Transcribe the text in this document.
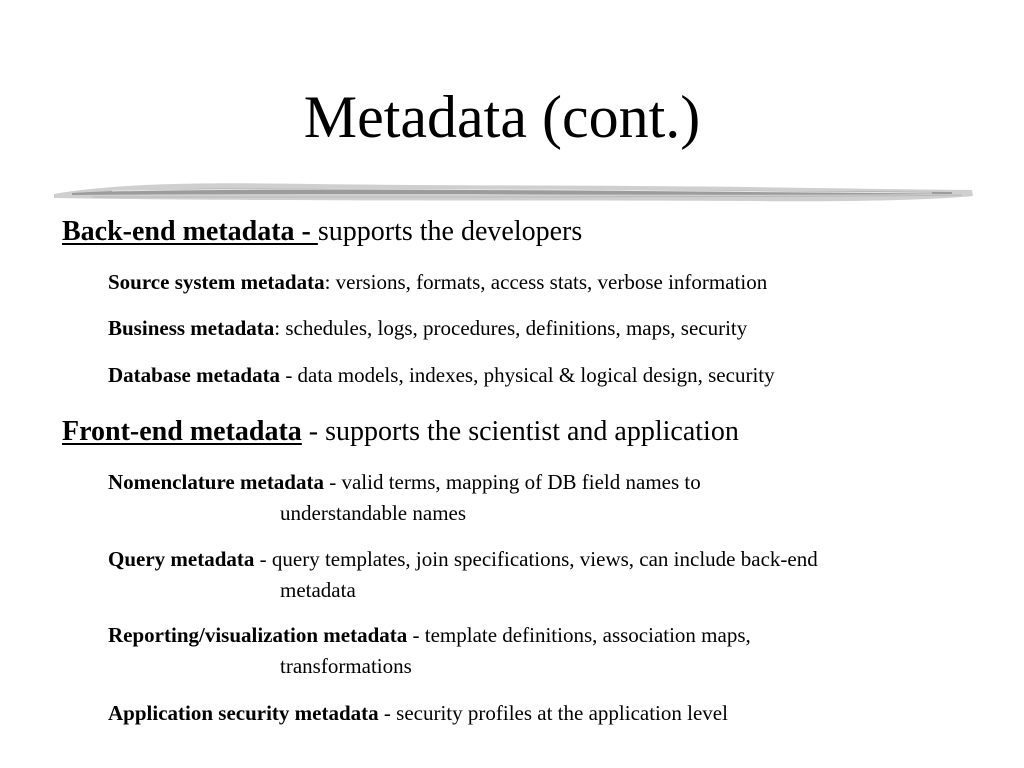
Metadata (cont.)

Back-end metadata - supports the developers

Source system metadata: versions, formats, access stats, verbose information

Business metadata: schedules, logs, procedures, definitions, maps, security

Database metadata - data models, indexes, physical & logical design, security

Front-end metadata - supports the scientist and application

Nomenclature metadata - valid terms, mapping of DB field names to
understandable names

Query metadata - query templates, join specifications, views, can include back-end
metadata

Reporting/visualization metadata - template definitions, association maps,
transformations

Application security metadata - security profiles at the application level
